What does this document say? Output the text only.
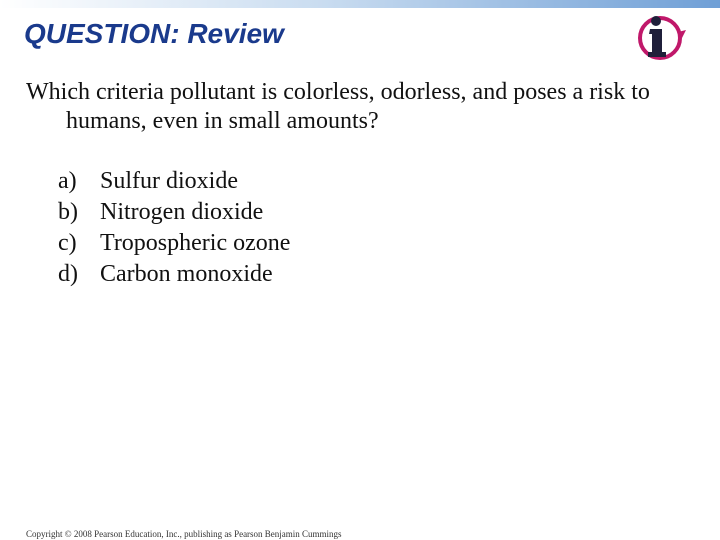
QUESTION: Review

Which criteria pollutant is colorless, odorless, and poses a risk to humans, even in small amounts?

a) Sulfur dioxide
b) Nitrogen dioxide
c) Tropospheric ozone
d) Carbon monoxide
Copyright © 2008 Pearson Education, Inc., publishing as Pearson Benjamin Cummings
